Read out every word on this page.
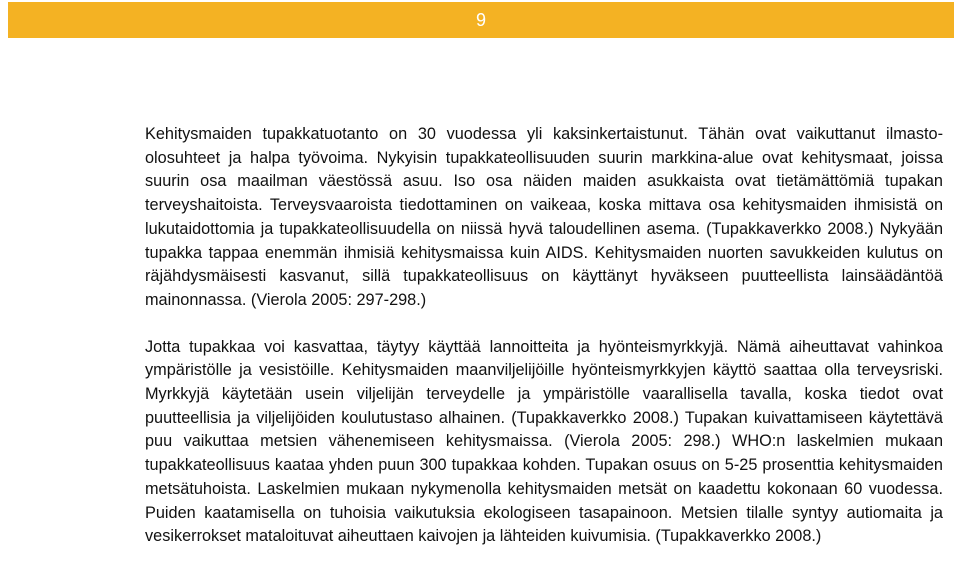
9

Kehitysmaiden tupakkatuotanto on 30 vuodessa yli kaksinkertaistunut. Tähän ovat vaikuttanut ilmastoolosuhteet ja halpa työvoima. Nykyisin tupakkateollisuuden suurin markkina-alue ovat kehitysmaat, joissa suurin osa maailman väestössä asuu. Iso osa näiden maiden asukkaista ovat tietämättömiä tupakan terveyshaitoista. Terveysvaaroista tiedottaminen on vaikeaa, koska mittava osa kehitysmaiden ihmisistä on lukutaidottomia ja tupakkateollisuudella on niissä hyvä taloudellinen asema. (Tupakkaverkko 2008.) Nykyään tupakka tappaa enemmän ihmisiä kehitysmaissa kuin AIDS. Kehitysmaiden nuorten savukkeiden kulutus on räjähdysmäisesti kasvanut, sillä tupakkateollisuus on käyttänyt hyväkseen puutteellista lainsäädäntöä mainonnassa. (Vierola 2005: 297-298.)

Jotta tupakkaa voi kasvattaa, täytyy käyttää lannoitteita ja hyönteismyrkkyjä. Nämä aiheuttavat vahinkoa ympäristölle ja vesistöille. Kehitysmaiden maanviljelijöille hyönteismyrkkyjen käyttö saattaa olla terveysriski. Myrkkyjä käytetään usein viljelijän terveydelle ja ympäristölle vaarallisella tavalla, koska tiedot ovat puutteellisia ja viljelijöiden koulutustaso alhainen. (Tupakkaverkko 2008.) Tupakan kuivattamiseen käytettävä puu vaikuttaa metsien vähenemiseen kehitysmaissa. (Vierola 2005: 298.) WHO:n laskelmien mukaan tupakkateollisuus kaataa yhden puun 300 tupakkaa kohden. Tupakan osuus on 5-25 prosenttia kehitysmaiden metsätuhoista. Laskelmien mukaan nykymenolla kehitysmaiden metsät on kaadettu kokonaan 60 vuodessa. Puiden kaatamisella on tuhoisia vaikutuksia ekologiseen tasapainoon. Metsien tilalle syntyy autiomaita ja vesikerrokset mataloituvat aiheuttaen kaivojen ja lähteiden kuivumisia. (Tupakkaverkko 2008.)
